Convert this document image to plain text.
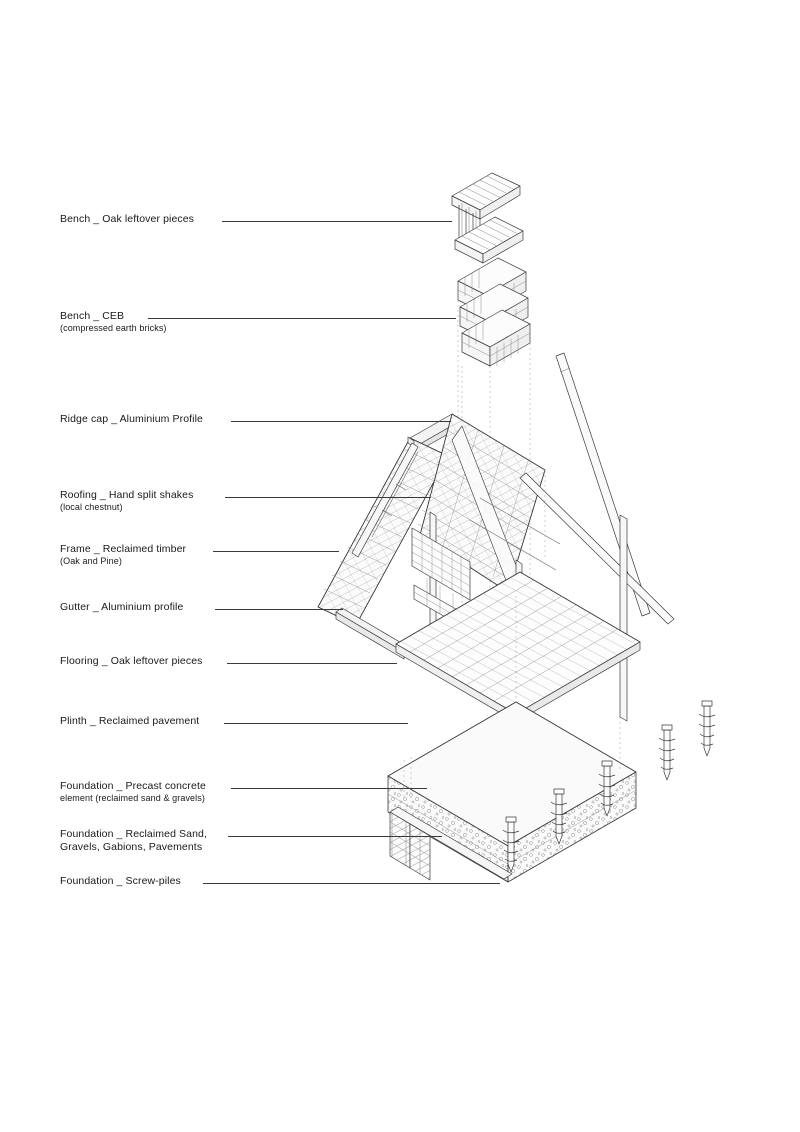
Bench _ Oak leftover pieces
Bench _ CEB
(compressed earth bricks)
Ridge cap _ Aluminium Profile
Roofing _ Hand split shakes
(local chestnut)
Frame _ Reclaimed timber
(Oak and Pine)
Gutter _ Aluminium profile
Flooring _ Oak leftover pieces
Plinth _ Reclaimed pavement
Foundation _ Precast concrete
element (reclaimed sand & gravels)
Foundation _ Reclaimed Sand,
Gravels, Gabions, Pavements
Foundation _ Screw-piles
